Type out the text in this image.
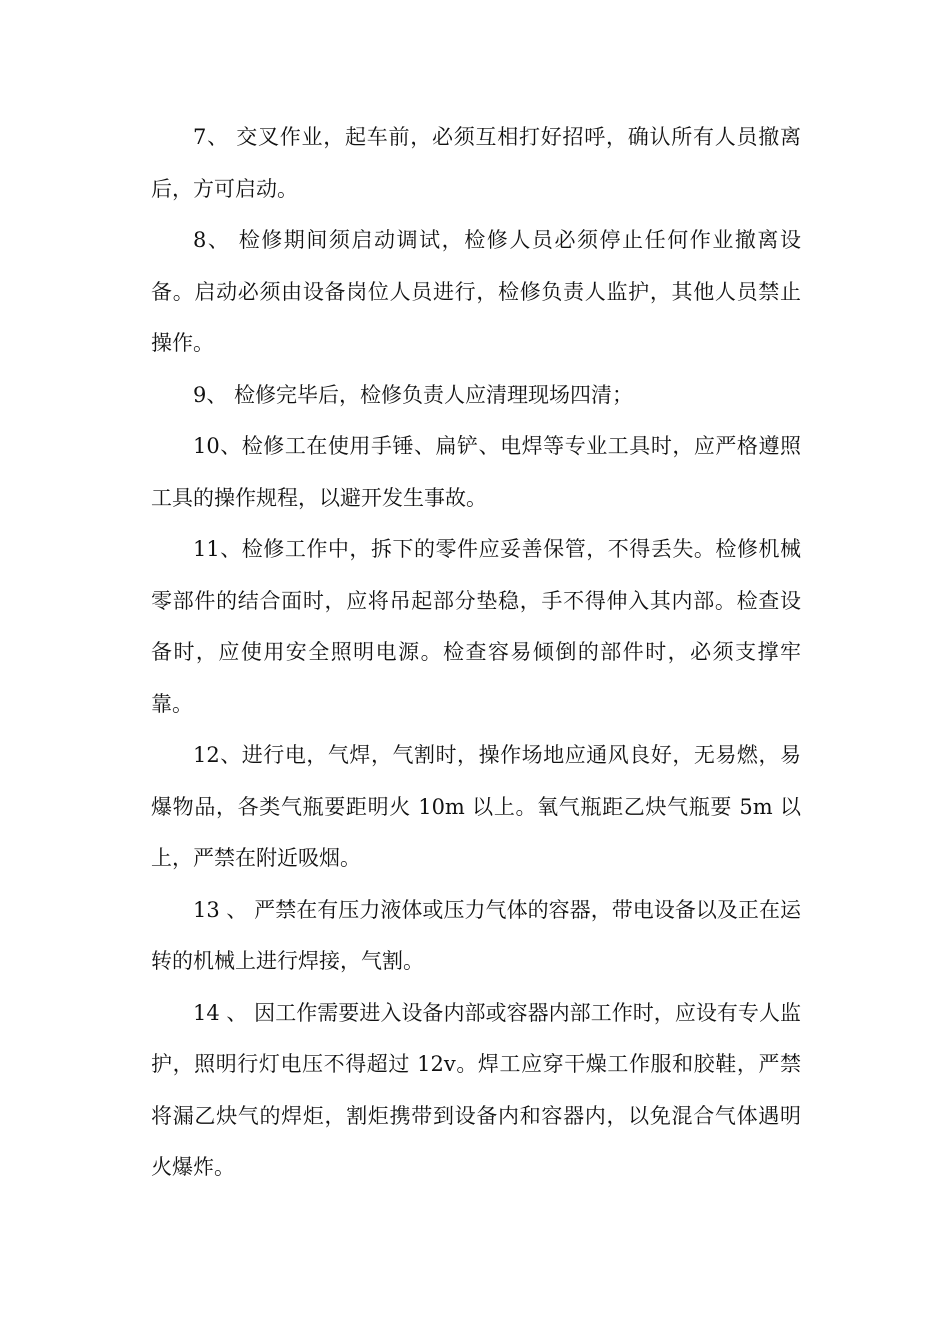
7、 交叉作业，起车前，必须互相打好招呼，确认所有人员撤离后，方可启动。

8、 检修期间须启动调试，检修人员必须停止任何作业撤离设备。启动必须由设备岗位人员进行，检修负责人监护，其他人员禁止操作。

9、 检修完毕后，检修负责人应清理现场四清；

10、检修工在使用手锤、扁铲、电焊等专业工具时，应严格遵照工具的操作规程，以避开发生事故。

11、检修工作中，拆下的零件应妥善保管，不得丢失。检修机械零部件的结合面时，应将吊起部分垫稳，手不得伸入其内部。检查设备时，应使用安全照明电源。检查容易倾倒的部件时，必须支撑牢靠。

12、进行电，气焊，气割时，操作场地应通风良好，无易燃，易爆物品，各类气瓶要距明火 10m 以上。氧气瓶距乙炔气瓶要 5m 以上，严禁在附近吸烟。

13 、 严禁在有压力液体或压力气体的容器，带电设备以及正在运转的机械上进行焊接，气割。

14 、 因工作需要进入设备内部或容器内部工作时，应设有专人监护，照明行灯电压不得超过 12v。焊工应穿干燥工作服和胶鞋，严禁将漏乙炔气的焊炬，割炬携带到设备内和容器内，以免混合气体遇明火爆炸。
